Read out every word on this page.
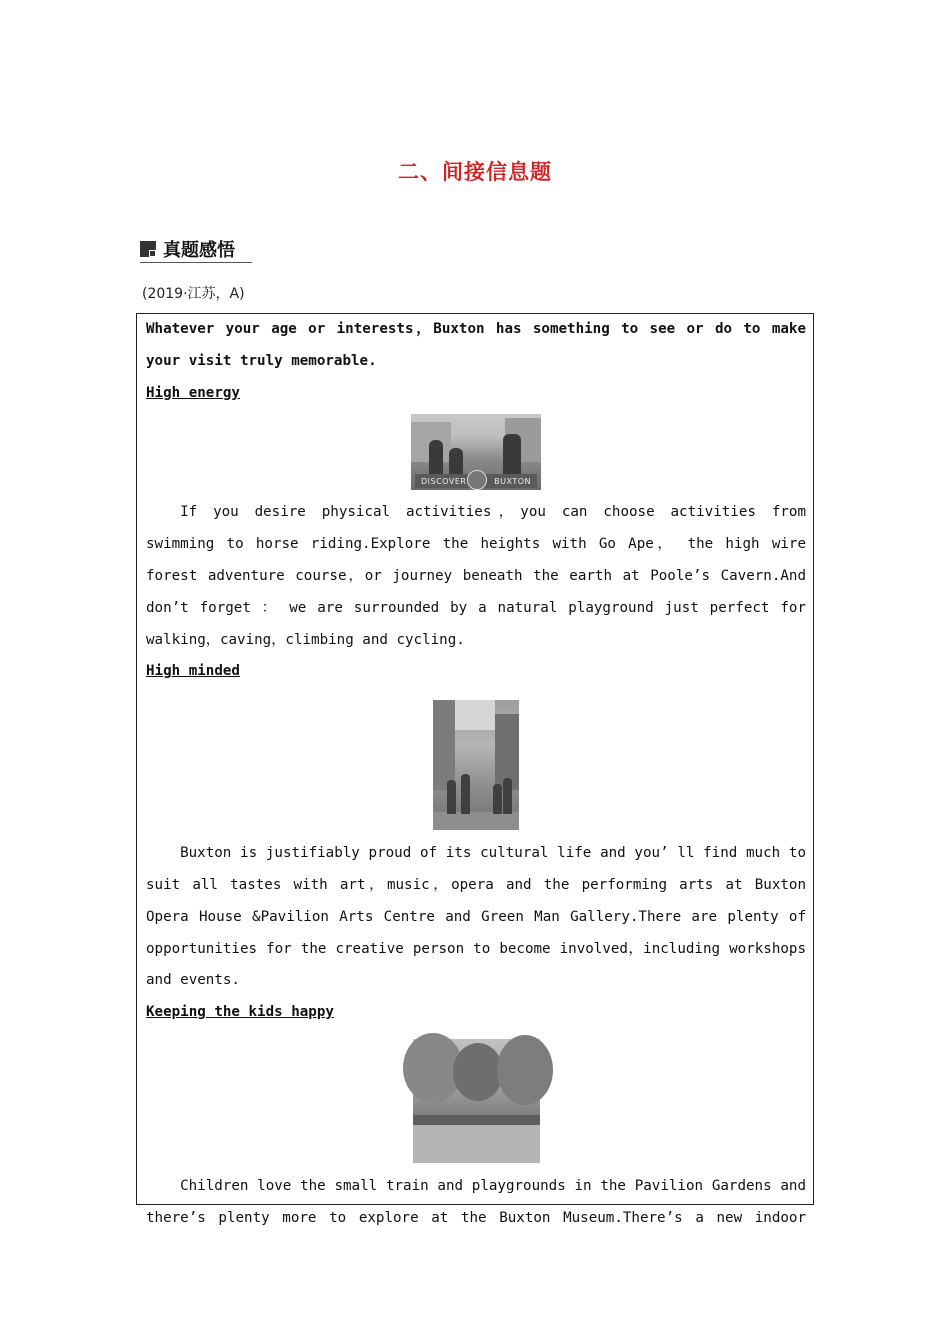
二、间接信息题
真题感悟
(2019·江苏，A)

Whatever your age or interests，Buxton has something to see or do to make your visit truly memorable.

High energy

DISCOVER	BUXTON

If you desire physical activities，you can choose activities from swimming to horse riding.Explore the heights with Go Ape， the high wire forest adventure course，or journey beneath the earth at Poole’s Cavern.And don’t forget ： we are surrounded by a natural playground just perfect for walking，caving，climbing and cycling.

High minded

Buxton is justifiably proud of its cultural life and you’ ll find much to suit all tastes with art，music，opera and the performing arts at Buxton Opera House &Pavilion Arts Centre and Green Man Gallery.There are plenty of opportunities for the creative person to become involved，including workshops and events.

Keeping the kids happy

Children love the small train and playgrounds in the Pavilion Gardens and there’s plenty more to explore at the Buxton Museum.There’s a new indoor
